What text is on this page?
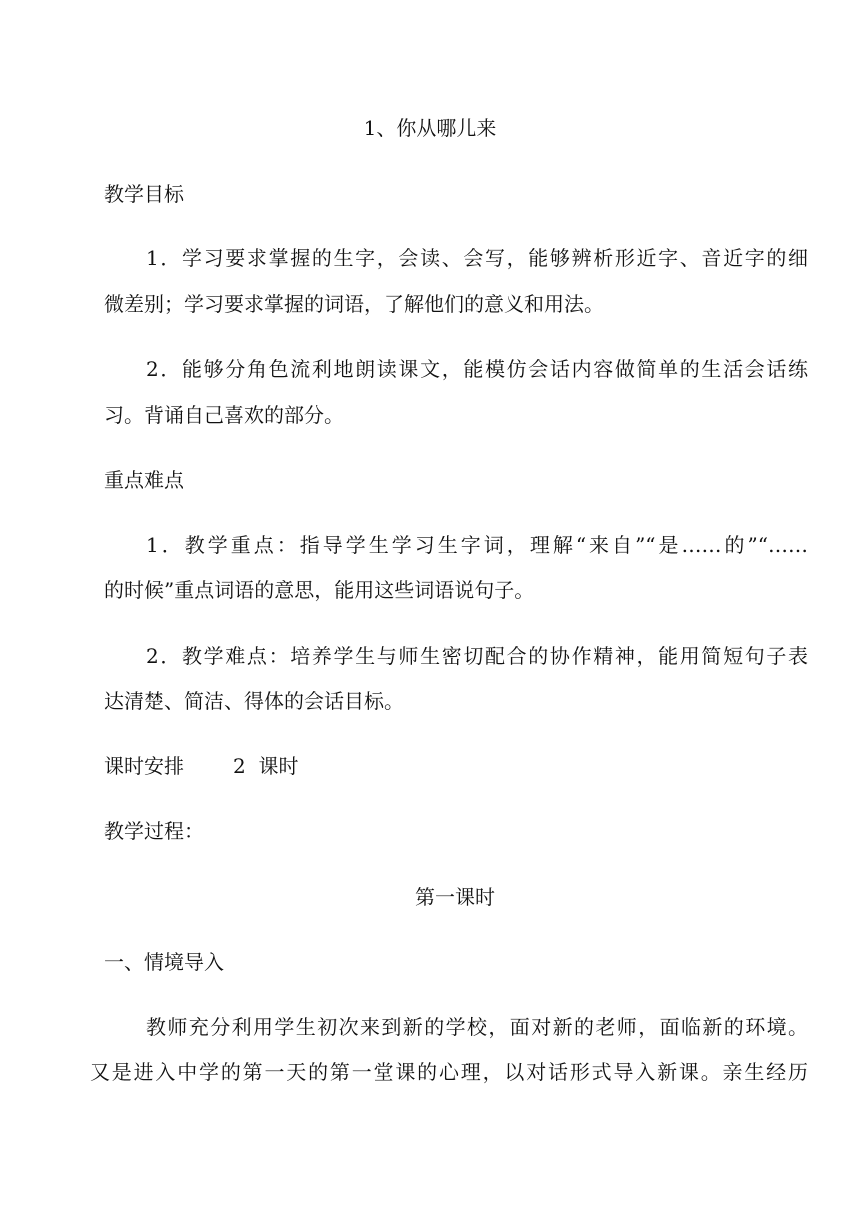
1、你从哪儿来
教学目标
1．学习要求掌握的生字，会读、会写，能够辨析形近字、音近字的细
微差别；学习要求掌握的词语，了解他们的意义和用法。
2．能够分角色流利地朗读课文，能模仿会话内容做简单的生活会话练
习。背诵自己喜欢的部分。
重点难点
1．教学重点：指导学生学习生字词，理解“来自”“是……的”“……
的时候”重点词语的意思，能用这些词语说句子。
2．教学难点：培养学生与师生密切配合的协作精神，能用简短句子表
达清楚、简洁、得体的会话目标。
课时安排 2  课时
教学过程：
第一课时
一、情境导入
教师充分利用学生初次来到新的学校，面对新的老师，面临新的环境。
又是进入中学的第一天的第一堂课的心理，以对话形式导入新课。亲生经历
